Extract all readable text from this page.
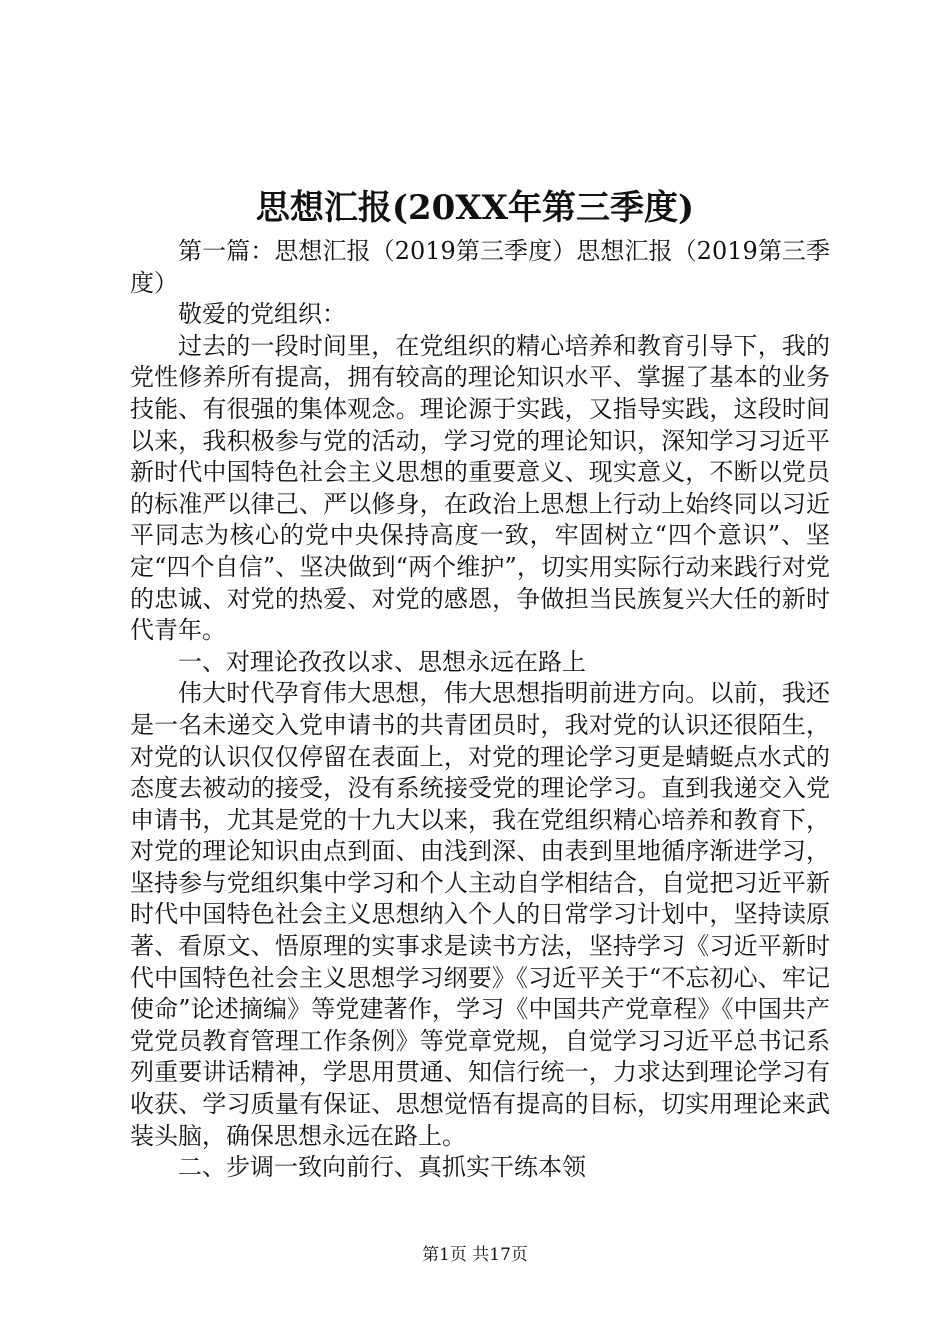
思想汇报(20XX年第三季度)

第一篇：思想汇报（2019第三季度）思想汇报（2019第三季度）

敬爱的党组织：

过去的一段时间里，在党组织的精心培养和教育引导下，我的党性修养所有提高，拥有较高的理论知识水平、掌握了基本的业务技能、有很强的集体观念。理论源于实践，又指导实践，这段时间以来，我积极参与党的活动，学习党的理论知识，深知学习习近平新时代中国特色社会主义思想的重要意义、现实意义，不断以党员的标准严以律己、严以修身，在政治上思想上行动上始终同以习近平同志为核心的党中央保持高度一致，牢固树立“四个意识”、坚定“四个自信”、坚决做到“两个维护”，切实用实际行动来践行对党的忠诚、对党的热爱、对党的感恩，争做担当民族复兴大任的新时代青年。

一、对理论孜孜以求、思想永远在路上

伟大时代孕育伟大思想，伟大思想指明前进方向。以前，我还是一名未递交入党申请书的共青团员时，我对党的认识还很陌生，对党的认识仅仅停留在表面上，对党的理论学习更是蜻蜓点水式的态度去被动的接受，没有系统接受党的理论学习。直到我递交入党申请书，尤其是党的十九大以来，我在党组织精心培养和教育下，对党的理论知识由点到面、由浅到深、由表到里地循序渐进学习，坚持参与党组织集中学习和个人主动自学相结合，自觉把习近平新时代中国特色社会主义思想纳入个人的日常学习计划中，坚持读原著、看原文、悟原理的实事求是读书方法，坚持学习《习近平新时代中国特色社会主义思想学习纲要》《习近平关于“不忘初心、牢记使命”论述摘编》等党建著作，学习《中国共产党章程》《中国共产党党员教育管理工作条例》等党章党规，自觉学习习近平总书记系列重要讲话精神，学思用贯通、知信行统一，力求达到理论学习有收获、学习质量有保证、思想觉悟有提高的目标，切实用理论来武装头脑，确保思想永远在路上。

二、步调一致向前行、真抓实干练本领

第1页 共17页
